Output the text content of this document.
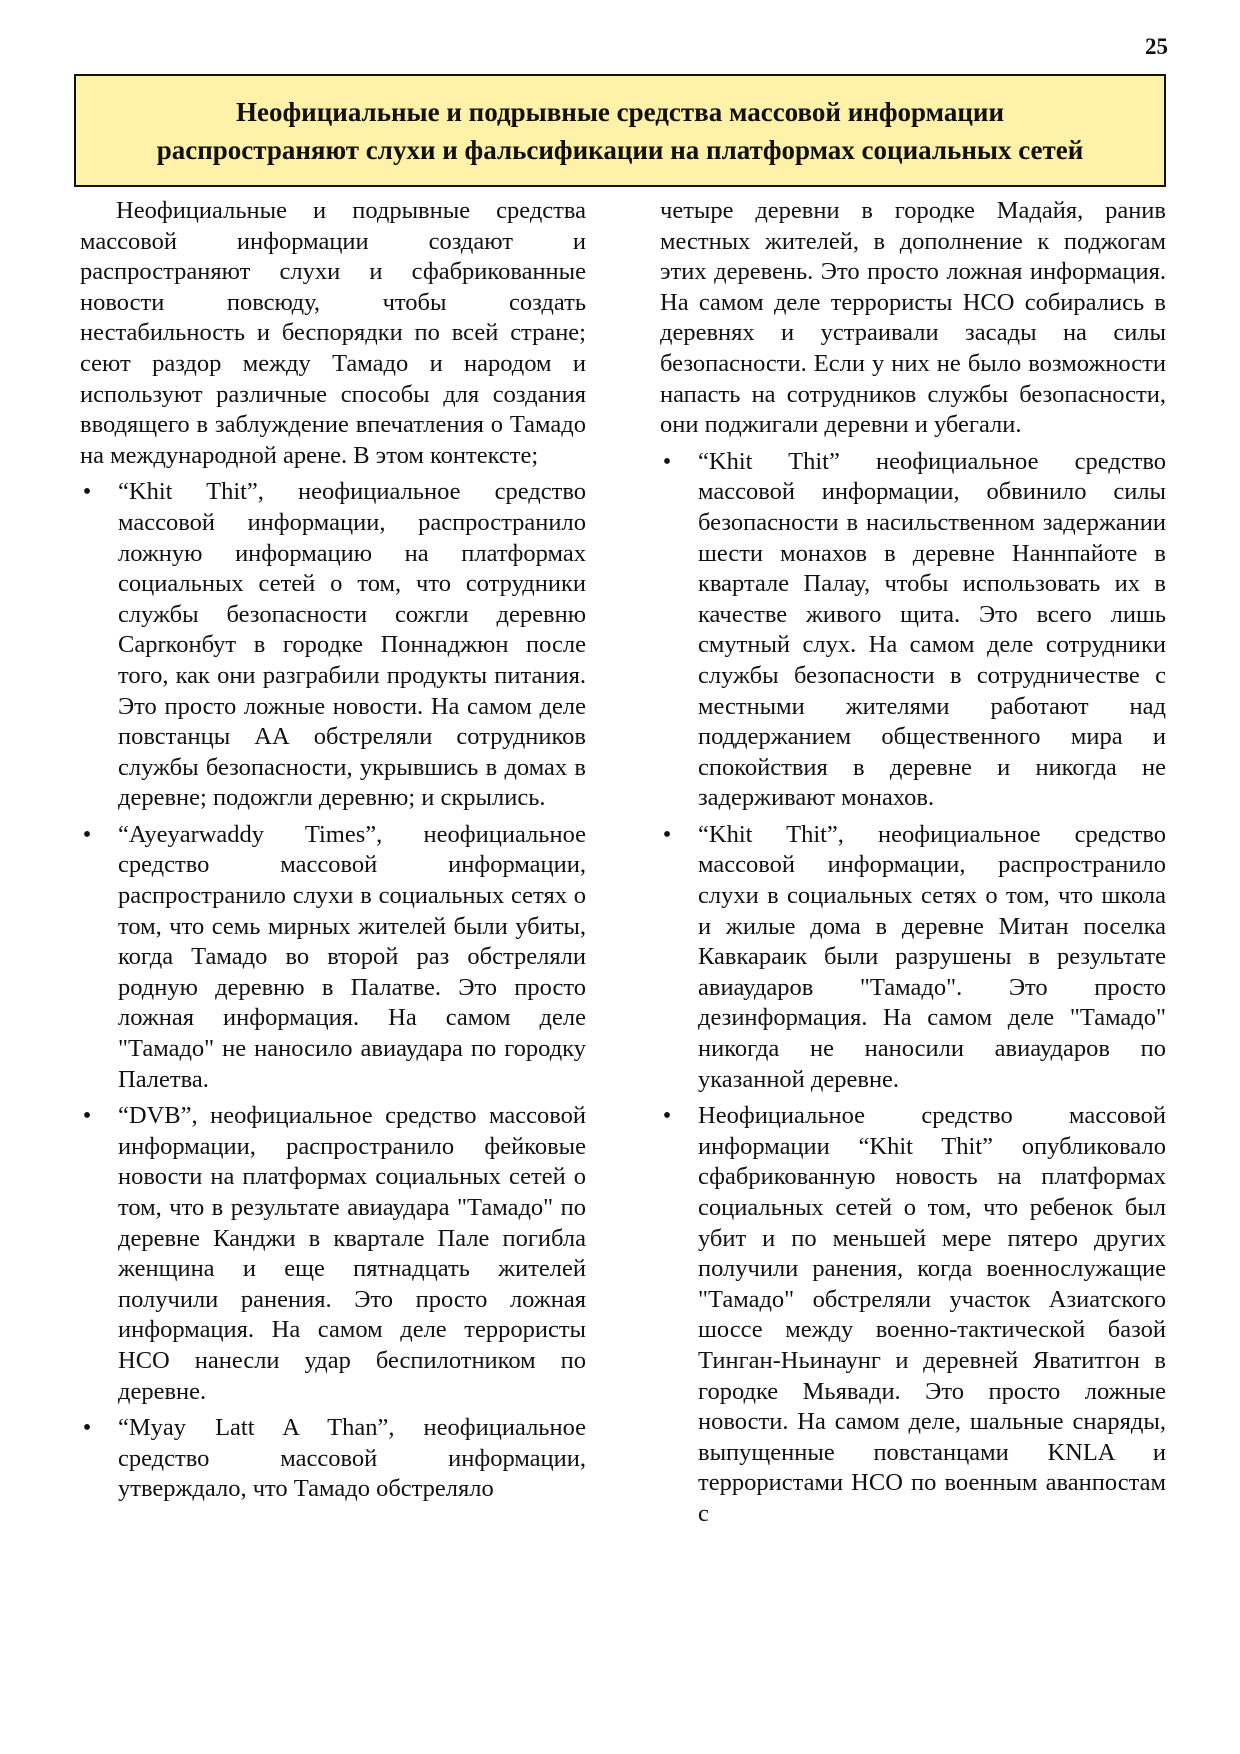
25
Неофициальные и подрывные средства массовой информации
распространяют слухи и фальсификации на платформах социальных сетей

Неофициальные и подрывные средства массовой информации создают и распространяют слухи и сфабрикованные новости повсюду, чтобы создать нестабильность и беспорядки по всей стране; сеют раздор между Тамадо и народом и используют различные способы для создания вводящего в заблуждение впечатления о Тамадо на международной арене. В этом контексте;

•
“Khit Thit”, неофициальное средство массовой информации, распространило ложную информацию на платформах социальных сетей о том, что сотрудники службы безопасности сожгли деревню Сарrконбут в городке Поннаджюн после того, как они разграбили продукты питания. Это просто ложные новости. На самом деле повстанцы АА обстреляли сотрудников службы безопасности, укрывшись в домах в деревне; подожгли деревню; и скрылись.
•
“Ayeyarwaddy Times”, неофициальное средство массовой информации, распространило слухи в социальных сетях о том, что семь мирных жителей были убиты, когда Тамадо во второй раз обстреляли родную деревню в Палатве. Это просто ложная информация. На самом деле "Тамадо" не наносило авиаудара по городку Палетва.
•
“DVB”, неофициальное средство массовой информации, распространило фейковые новости на платформах социальных сетей о том, что в результате авиаудара "Тамадо" по деревне Канджи в квартале Пале погибла женщина и еще пятнадцать жителей получили ранения. Это просто ложная информация. На самом деле террористы НСО нанесли удар беспилотником по деревне.
•
“Myay Latt A Than”, неофициальное средство массовой информации, утверждало, что Тамадо обстреляло

четыре деревни в городке Мадайя, ранив местных жителей, в дополнение к поджогам этих деревень. Это просто ложная информация. На самом деле террористы НСО собирались в деревнях и устраивали засады на силы безопасности. Если у них не было возможности напасть на сотрудников службы безопасности, они поджигали деревни и убегали.

•
“Khit Thit” неофициальное средство массовой информации, обвинило силы безопасности в насильственном задержании шести монахов в деревне Наннпайоте в квартале Палау, чтобы использовать их в качестве живого щита. Это всего лишь смутный слух. На самом деле сотрудники службы безопасности в сотрудничестве с местными жителями работают над поддержанием общественного мира и спокойствия в деревне и никогда не задерживают монахов.
•
“Khit Thit”, неофициальное средство массовой информации, распространило слухи в социальных сетях о том, что школа и жилые дома в деревне Митан поселка Кавкараик были разрушены в результате авиаударов "Тамадо". Это просто дезинформация. На самом деле "Тамадо" никогда не наносили авиаударов по указанной деревне.
•
Неофициальное средство массовой информации “Khit Thit” опубликовало сфабрикованную новость на платформах социальных сетей о том, что ребенок был убит и по меньшей мере пятеро других получили ранения, когда военнослужащие "Тамадо" обстреляли участок Азиатского шоссе между военно-тактической базой Тинган-Ньинаунг и деревней Яватитгон в городке Мьявади. Это просто ложные новости. На самом деле, шальные снаряды, выпущенные повстанцами KNLA и террористами НСО по военным аванпостам с
